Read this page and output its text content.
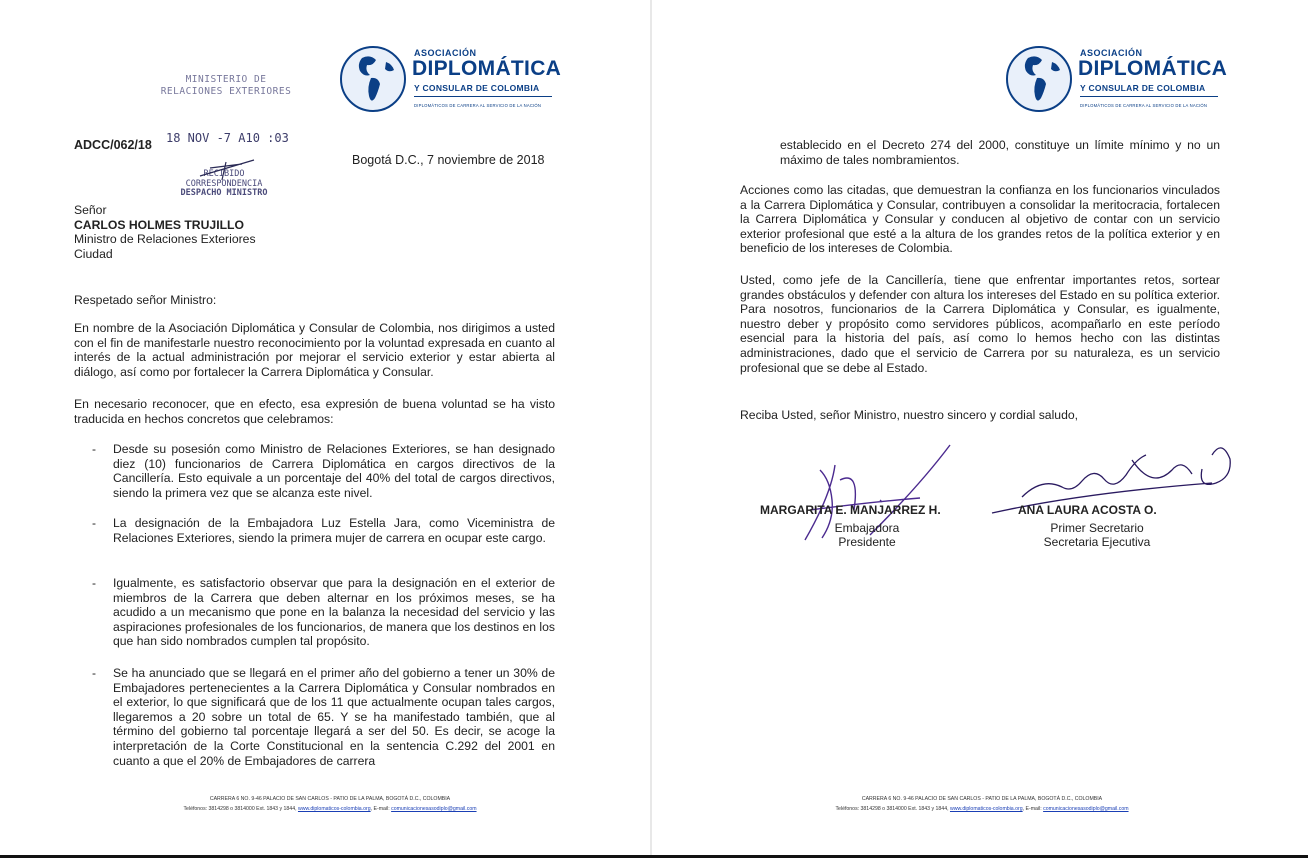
MINISTERIO DE RELACIONES EXTERIORES
ASOCIACIÓN
DIPLOMÁTICA
Y CONSULAR DE COLOMBIA
DIPLOMÁTICOS DE CARRERA AL SERVICIO DE LA NACIÓN
ADCC/062/18 18 NOV -7 A10 :03
RECIBIDO
CORRESPONDENCIA
DESPACHO MINISTRO
Bogotá D.C., 7 noviembre de 2018
Señor
CARLOS HOLMES TRUJILLO
Ministro de Relaciones Exteriores
Ciudad
Respetado señor Ministro:
En nombre de la Asociación Diplomática y Consular de Colombia, nos dirigimos a usted con el fin de manifestarle nuestro reconocimiento por la voluntad expresada en cuanto al interés de la actual administración por mejorar el servicio exterior y estar abierta al diálogo, así como por fortalecer la Carrera Diplomática y Consular.
En necesario reconocer, que en efecto, esa expresión de buena voluntad se ha visto traducida en hechos concretos que celebramos:
- Desde su posesión como Ministro de Relaciones Exteriores, se han designado diez (10) funcionarios de Carrera Diplomática en cargos directivos de la Cancillería. Esto equivale a un porcentaje del 40% del total de cargos directivos, siendo la primera vez que se alcanza este nivel.
- La designación de la Embajadora Luz Estella Jara, como Viceministra de Relaciones Exteriores, siendo la primera mujer de carrera en ocupar este cargo.
- Igualmente, es satisfactorio observar que para la designación en el exterior de miembros de la Carrera que deben alternar en los próximos meses, se ha acudido a un mecanismo que pone en la balanza la necesidad del servicio y las aspiraciones profesionales de los funcionarios, de manera que los destinos en los que han sido nombrados cumplen tal propósito.
- Se ha anunciado que se llegará en el primer año del gobierno a tener un 30% de Embajadores pertenecientes a la Carrera Diplomática y Consular nombrados en el exterior, lo que significará que de los 11 que actualmente ocupan tales cargos, llegaremos a 20 sobre un total de 65. Y se ha manifestado también, que al término del gobierno tal porcentaje llegará a ser del 50. Es decir, se acoge la interpretación de la Corte Constitucional en la sentencia C.292 del 2001 en cuanto a que el 20% de Embajadores de carrera
CARRERA 6 NO. 9-46 PALACIO DE SAN CARLOS - PATIO DE LA PALMA, BOGOTÁ D.C., COLOMBIA
Teléfonos: 3814298 o 3814000 Ext. 1843 y 1844, www.diplomaticos-colombia.org, E-mail: comunicacionesasodiplo@gmail.com
ASOCIACIÓN
DIPLOMÁTICA
Y CONSULAR DE COLOMBIA
DIPLOMÁTICOS DE CARRERA AL SERVICIO DE LA NACIÓN
establecido en el Decreto 274 del 2000, constituye un límite mínimo y no un máximo de tales nombramientos.
Acciones como las citadas, que demuestran la confianza en los funcionarios vinculados a la Carrera Diplomática y Consular, contribuyen a consolidar la meritocracia, fortalecen la Carrera Diplomática y Consular y conducen al objetivo de contar con un servicio exterior profesional que esté a la altura de los grandes retos de la política exterior y en beneficio de los intereses de Colombia.
Usted, como jefe de la Cancillería, tiene que enfrentar importantes retos, sortear grandes obstáculos y defender con altura los intereses del Estado en su política exterior. Para nosotros, funcionarios de la Carrera Diplomática y Consular, es igualmente, nuestro deber y propósito como servidores públicos, acompañarlo en este período esencial para la historia del país, así como lo hemos hecho con las distintas administraciones, dado que el servicio de Carrera por su naturaleza, es un servicio profesional que se debe al Estado.
Reciba Usted, señor Ministro, nuestro sincero y cordial saludo,
MARGARITA E. MANJARREZ H.
Embajadora
Presidente
ANA LAURA ACOSTA O.
Primer Secretario
Secretaria Ejecutiva
CARRERA 6 NO. 9-46 PALACIO DE SAN CARLOS - PATIO DE LA PALMA, BOGOTÁ D.C., COLOMBIA
Teléfonos: 3814298 o 3814000 Ext. 1843 y 1844, www.diplomaticos-colombia.org, E-mail: comunicacionesasodiplo@gmail.com
